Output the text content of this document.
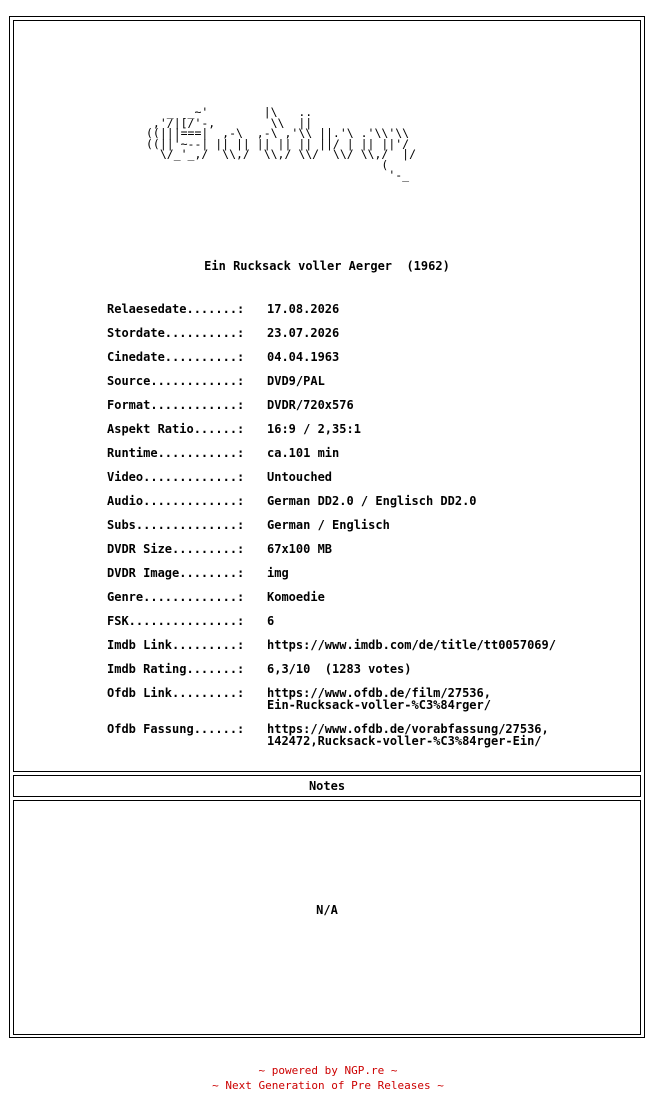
_  _~'        |\   ..
,'/|[/'-,        \\  ||
((|||===|  ,-\  ,-\ ,'\\ ||.'\ .'\\'\\
((||'~--| || || || || || ||/ | || ||'/
\/_'_,/  \\,/  \\,/ \\/  \\/ \\,/  |/
(
'-_
Ein Rucksack voller Aerger  (1962)
Relaesedate.......:	17.08.2026
Stordate..........:	23.07.2026
Cinedate..........:	04.04.1963
Source............:	DVD9/PAL
Format............:	DVDR/720x576
Aspekt Ratio......:	16:9 / 2,35:1
Runtime...........:	ca.101 min
Video.............:	Untouched
Audio.............:	German DD2.0 / Englisch DD2.0
Subs..............:	German / Englisch
DVDR Size.........:	67x100 MB
DVDR Image........:	img
Genre.............:	Komoedie
FSK...............:	6
Imdb Link.........:	https://www.imdb.com/de/title/tt0057069/
Imdb Rating.......:	6,3/10  (1283 votes)
Ofdb Link.........:	https://www.ofdb.de/film/27536,
Ein-Rucksack-voller-%C3%84rger/
Ofdb Fassung......:	https://www.ofdb.de/vorabfassung/27536,
142472,Rucksack-voller-%C3%84rger-Ein/
Notes
N/A
~ powered by NGP.re ~
~ Next Generation of Pre Releases ~
